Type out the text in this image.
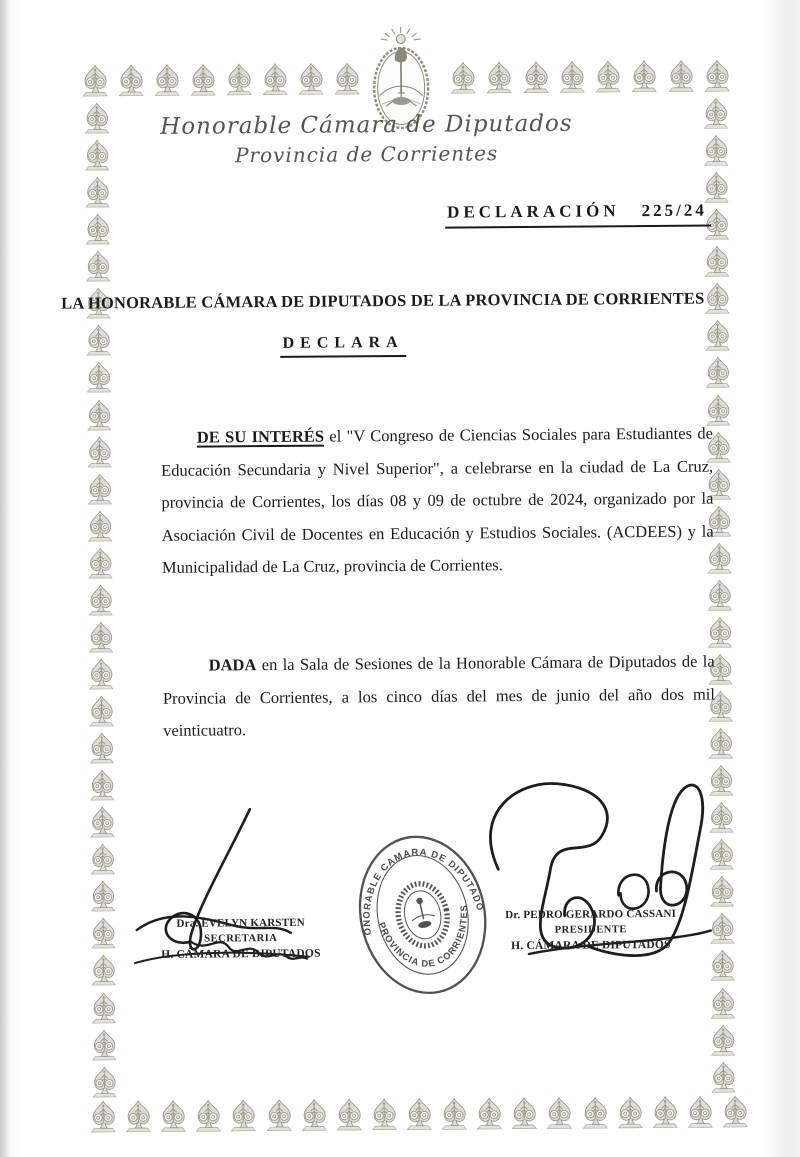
Honorable Cámara de Diputados
Provincia de Corrientes
DECLARACIÓN 225/24
LA HONORABLE CÁMARA DE DIPUTADOS DE LA PROVINCIA DE CORRIENTES
DECLARA

DE SU INTERÉS el "V Congreso de Ciencias Sociales para Estudiantes de Educación Secundaria y Nivel Superior", a celebrarse en la ciudad de La Cruz, provincia de Corrientes, los días 08 y 09 de octubre de 2024, organizado por la Asociación Civil de Docentes en Educación y Estudios Sociales. (ACDEES) y la Municipalidad de La Cruz, provincia de Corrientes.

DADA en la Sala de Sesiones de la Honorable Cámara de Diputados de la Provincia de Corrientes, a los cinco días del mes de junio del año dos mil veinticuatro.

Dra. EVELYN KARSTEN
SECRETARIA
H. CÁMARA DE DIPUTADOS
Dr. PEDRO GERARDO CASSANI
PRESIDENTE
H. CÁMARA DE DIPUTADOS
HONORABLE CAMARA DE DIPUTADOS
PROVINCIA DE CORRIENTES
